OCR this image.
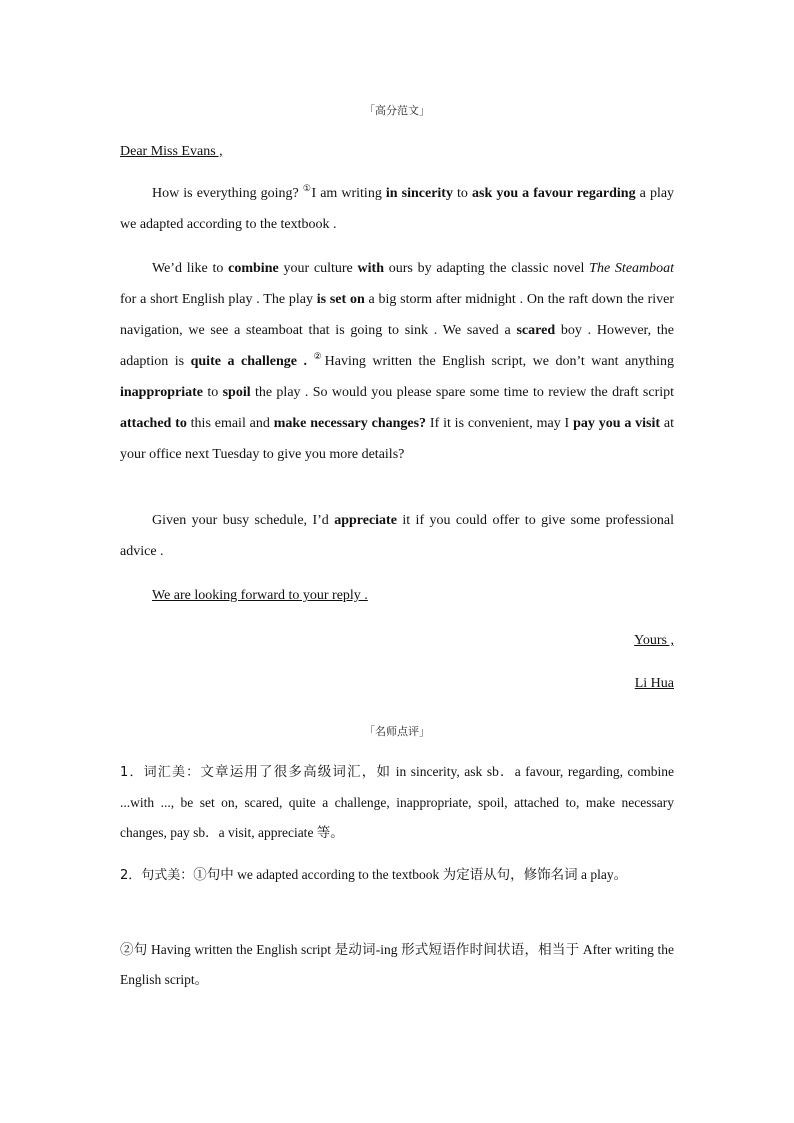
「高分范文」
Dear Miss Evans ,
How is everything going? ①I am writing in sincerity to ask you a favour regarding a play we adapted according to the textbook .
We’d like to combine your culture with ours by adapting the classic novel The Steamboat for a short English play . The play is set on a big storm after midnight . On the raft down the river navigation, we see a steamboat that is going to sink . We saved a scared boy . However, the adaption is quite a challenge . ②Having written the English script, we don’t want anything inappropriate to spoil the play . So would you please spare some time to review the draft script attached to this email and make necessary changes? If it is convenient, may I pay you a visit at your office next Tuesday to give you more details?
Given your busy schedule, I’d appreciate it if you could offer to give some professional advice .
We are looking forward to your reply .
Yours ,
Li Hua
「名师点评」
1．词汇美：文章运用了很多高级词汇，如 in sincerity, ask sb．a favour, regarding, combine ...with ..., be set on, scared, quite a challenge, inappropriate, spoil, attached to, make necessary changes, pay sb．a visit, appreciate 等。
2．句式美：①句中 we adapted according to the textbook 为定语从句，修饰名词 a play。
②句 Having written the English script 是动词-ing 形式短语作时间状语，相当于 After writing the English script。
